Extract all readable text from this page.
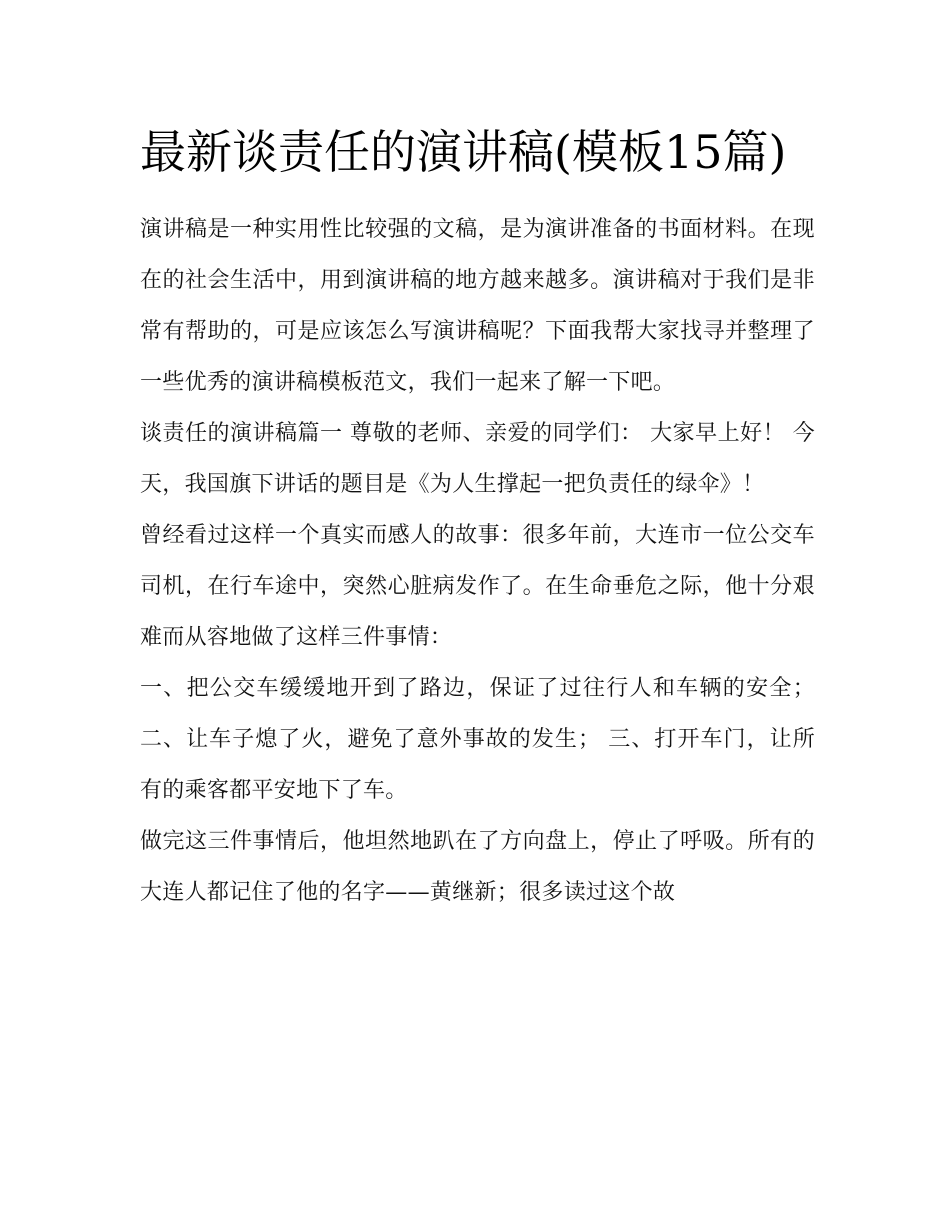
最新谈责任的演讲稿(模板15篇)

演讲稿是一种实用性比较强的文稿，是为演讲准备的书面材料。在现在的社会生活中，用到演讲稿的地方越来越多。演讲稿对于我们是非常有帮助的，可是应该怎么写演讲稿呢？下面我帮大家找寻并整理了一些优秀的演讲稿模板范文，我们一起来了解一下吧。

谈责任的演讲稿篇一 尊敬的老师、亲爱的同学们： 大家早上好！ 今天，我国旗下讲话的题目是《为人生撑起一把负责任的绿伞》！

曾经看过这样一个真实而感人的故事：很多年前，大连市一位公交车司机，在行车途中，突然心脏病发作了。在生命垂危之际，他十分艰难而从容地做了这样三件事情：

一、把公交车缓缓地开到了路边，保证了过往行人和车辆的安全； 二、让车子熄了火，避免了意外事故的发生； 三、打开车门，让所有的乘客都平安地下了车。

做完这三件事情后，他坦然地趴在了方向盘上，停止了呼吸。所有的大连人都记住了他的名字——黄继新；很多读过这个故
